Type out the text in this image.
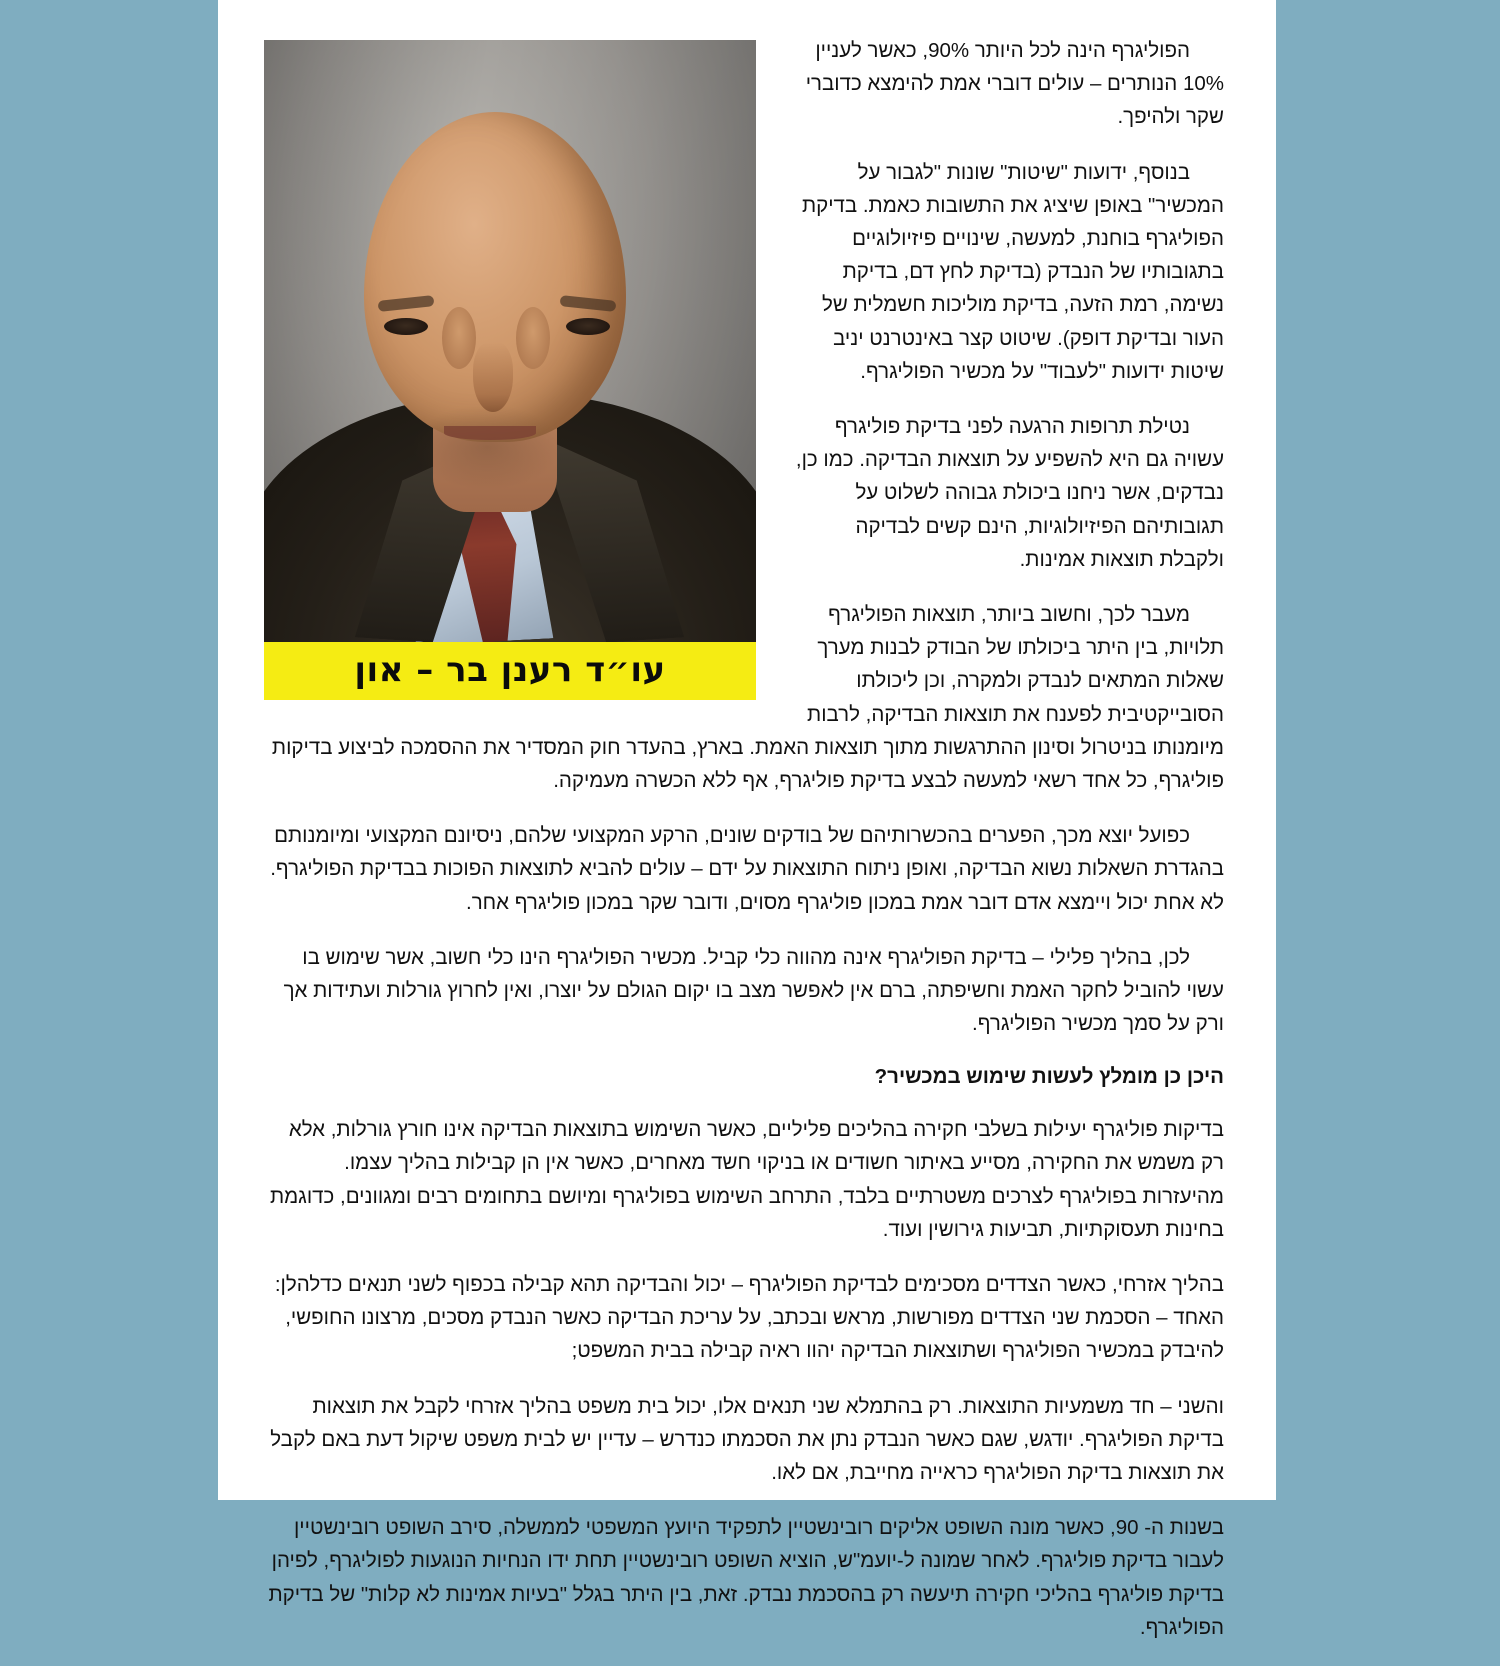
עו״ד רענן בר – און

הפוליגרף הינה לכל היותר 90%, כאשר לעניין 10% הנותרים – עולים דוברי אמת להימצא כדוברי שקר ולהיפך.

בנוסף, ידועות "שיטות" שונות "לגבור על המכשיר" באופן שיציג את התשובות כאמת. בדיקת הפוליגרף בוחנת, למעשה, שינויים פיזיולוגיים בתגובותיו של הנבדק (בדיקת לחץ דם, בדיקת נשימה, רמת הזעה, בדיקת מוליכות חשמלית של העור ובדיקת דופק). שיטוט קצר באינטרנט יניב שיטות ידועות "לעבוד" על מכשיר הפוליגרף.

נטילת תרופות הרגעה לפני בדיקת פוליגרף עשויה גם היא להשפיע על תוצאות הבדיקה. כמו כן, נבדקים, אשר ניחנו ביכולת גבוהה לשלוט על תגובותיהם הפיזיולוגיות, הינם קשים לבדיקה ולקבלת תוצאות אמינות.

מעבר לכך, וחשוב ביותר, תוצאות הפוליגרף תלויות, בין היתר ביכולתו של הבודק לבנות מערך שאלות המתאים לנבדק ולמקרה, וכן ליכולתו הסובייקטיבית לפענח את תוצאות הבדיקה, לרבות מיומנותו בניטרול וסינון ההתרגשות מתוך תוצאות האמת. בארץ, בהעדר חוק המסדיר את ההסמכה לביצוע בדיקות פוליגרף, כל אחד רשאי למעשה לבצע בדיקת פוליגרף, אף ללא הכשרה מעמיקה.

כפועל יוצא מכך, הפערים בהכשרותיהם של בודקים שונים, הרקע המקצועי שלהם, ניסיונם המקצועי ומיומנותם בהגדרת השאלות נשוא הבדיקה, ואופן ניתוח התוצאות על ידם – עולים להביא לתוצאות הפוכות בבדיקת הפוליגרף. לא אחת יכול ויימצא אדם דובר אמת במכון פוליגרף מסוים, ודובר שקר במכון פוליגרף אחר.

לכן, בהליך פלילי – בדיקת הפוליגרף אינה מהווה כלי קביל. מכשיר הפוליגרף הינו כלי חשוב, אשר שימוש בו עשוי להוביל לחקר האמת וחשיפתה, ברם אין לאפשר מצב בו יקום הגולם על יוצרו, ואין לחרוץ גורלות ועתידות אך ורק על סמך מכשיר הפוליגרף.

היכן כן מומלץ לעשות שימוש במכשיר?

בדיקות פוליגרף יעילות בשלבי חקירה בהליכים פליליים, כאשר השימוש בתוצאות הבדיקה אינו חורץ גורלות, אלא רק משמש את החקירה, מסייע באיתור חשודים או בניקוי חשד מאחרים, כאשר אין הן קבילות בהליך עצמו. מהיעזרות בפוליגרף לצרכים משטרתיים בלבד, התרחב השימוש בפוליגרף ומיושם בתחומים רבים ומגוונים, כדוגמת בחינות תעסוקתיות, תביעות גירושין ועוד.

בהליך אזרחי, כאשר הצדדים מסכימים לבדיקת הפוליגרף – יכול והבדיקה תהא קבילה בכפוף לשני תנאים כדלהלן: האחד – הסכמת שני הצדדים מפורשות, מראש ובכתב, על עריכת הבדיקה כאשר הנבדק מסכים, מרצונו החופשי, להיבדק במכשיר הפוליגרף ושתוצאות הבדיקה יהוו ראיה קבילה בבית המשפט;

והשני – חד משמעיות התוצאות. רק בהתמלא שני תנאים אלו, יכול בית משפט בהליך אזרחי לקבל את תוצאות בדיקת הפוליגרף. יודגש, שגם כאשר הנבדק נתן את הסכמתו כנדרש – עדיין יש לבית משפט שיקול דעת באם לקבל את תוצאות בדיקת הפוליגרף כראייה מחייבת, אם לאו.

בשנות ה- 90, כאשר מונה השופט אליקים רובינשטיין לתפקיד היועץ המשפטי לממשלה, סירב השופט רובינשטיין לעבור בדיקת פוליגרף. לאחר שמונה ל-יועמ"ש, הוציא השופט רובינשטיין תחת ידו הנחיות הנוגעות לפוליגרף, לפיהן בדיקת פוליגרף בהליכי חקירה תיעשה רק בהסכמת נבדק. זאת, בין היתר בגלל "בעיות אמינות לא קלות" של בדיקת הפוליגרף.
